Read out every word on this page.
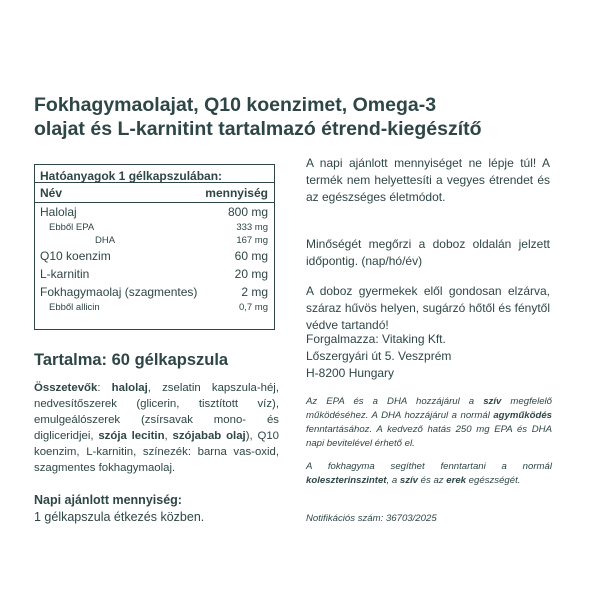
Fokhagymaolajat, Q10 koenzimet, Omega-3
olajat és L-karnitint tartalmazó étrend-kiegészítő
Hatóanyagok 1 gélkapszulában:
Név	mennyiség
Halolaj	800 mg
Ebből EPA	333 mg
DHA	167 mg
Q10 koenzim	60 mg
L-karnitin	20 mg
Fokhagymaolaj (szagmentes)	2 mg
Ebből allicin	0,7 mg
Tartalma: 60 gélkapszula
Összetevők: halolaj, zselatin kapszula-héj, nedvesítőszerek (glicerin, tisztított víz), emulgeálószerek (zsírsavak mono- és digliceridjei, szója lecitin, szójabab olaj), Q10 koenzim, L-karnitin, színezék: barna vas-oxid, szagmentes fokhagymaolaj.
Napi ajánlott mennyiség:
1 gélkapszula étkezés közben.

A napi ajánlott mennyiséget ne lépje túl! A termék nem helyettesíti a vegyes étrendet és az egészséges életmódot.

Minőségét megőrzi a doboz oldalán jelzett időpontig. (nap/hó/év)

A doboz gyermekek elől gondosan elzárva, száraz hűvös helyen, sugárzó hőtől és fénytől védve tartandó!

Forgalmazza: Vitaking Kft.
Lőszergyári út 5. Veszprém
H-8200 Hungary

Az EPA és a DHA hozzájárul a szív megfelelő működéséhez. A DHA hozzájárul a normál agyműködés fenntartásához. A kedvező hatás 250 mg EPA és DHA napi bevitelével érhető el.

A fokhagyma segíthet fenntartani a normál koleszterinszintet, a szív és az erek egészségét.

Notifikációs szám: 36703/2025
